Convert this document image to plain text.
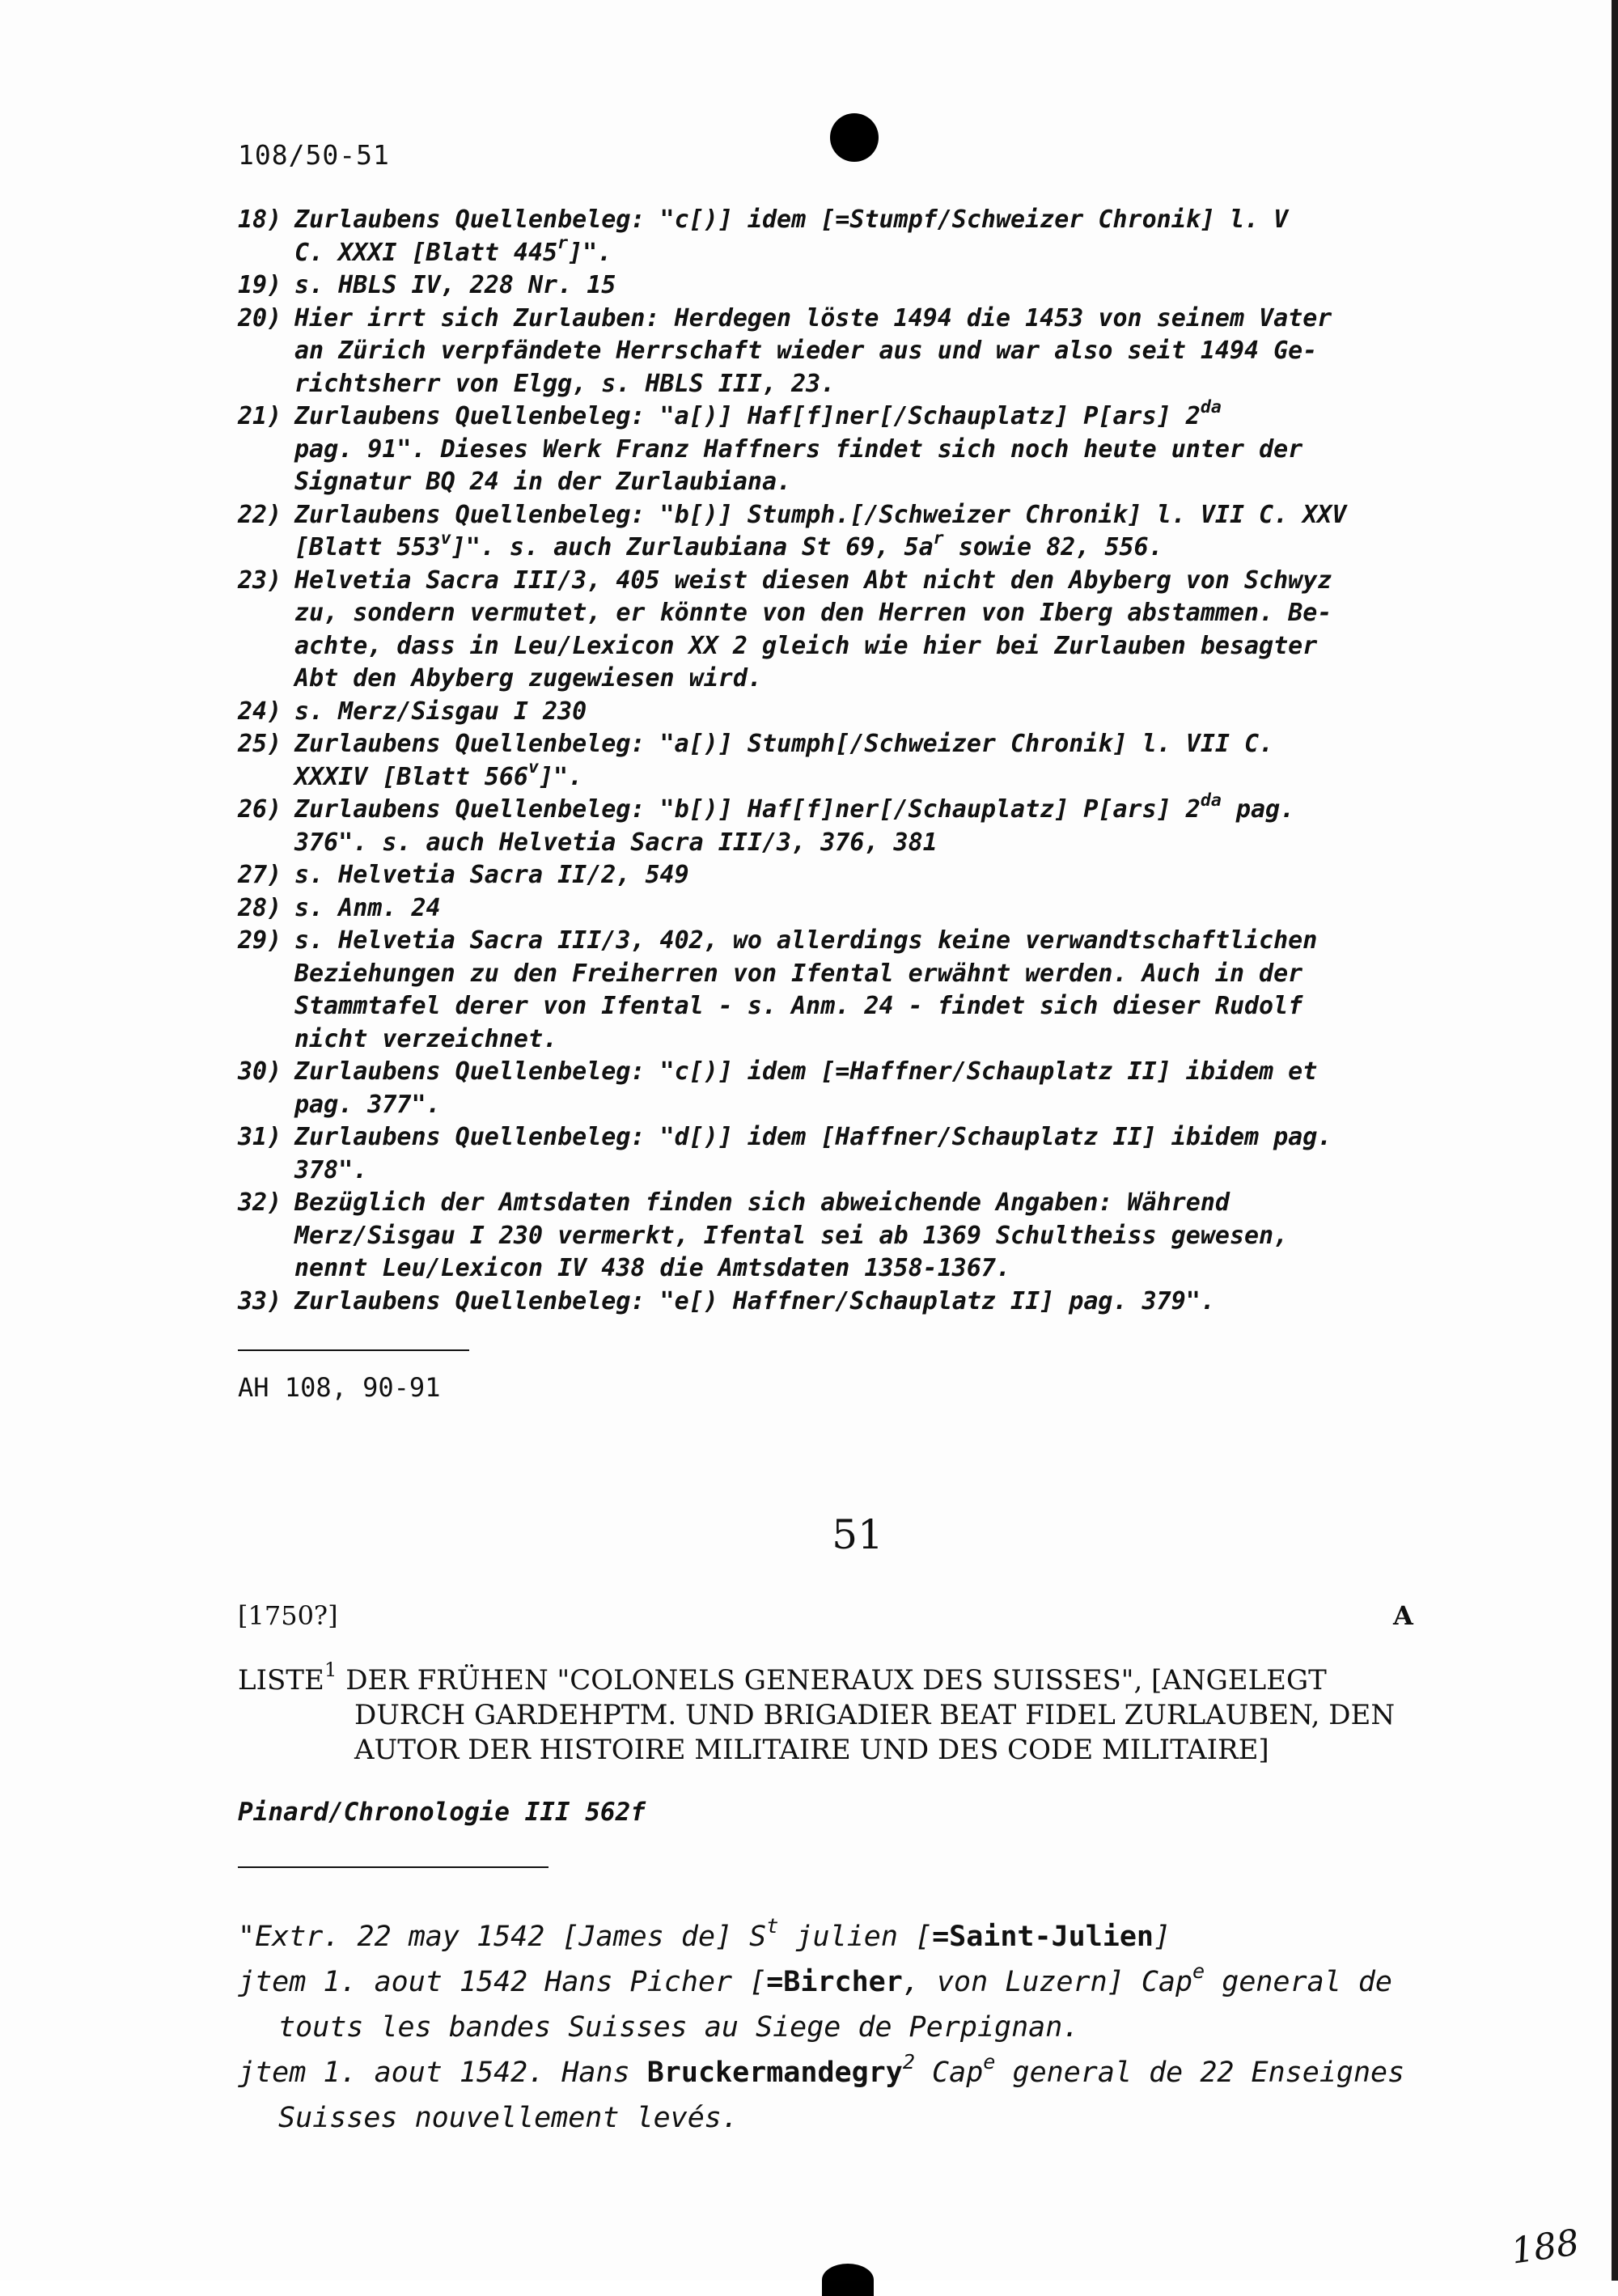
108/50-51
18) Zurlaubens Quellenbeleg: "c[)] idem [=Stumpf/Schweizer Chronik] l. V
C. XXXI [Blatt 445$^r$]".
19) s. HBLS IV, 228 Nr. 15
20) Hier irrt sich Zurlauben: Herdegen löste 1494 die 1453 von seinem Vater
an Zürich verpfändete Herrschaft wieder aus und war also seit 1494 Ge-
richtsherr von Elgg, s. HBLS III, 23.
21) Zurlaubens Quellenbeleg: "a[)] Haf[f]ner[/Schauplatz] P[ars] $2^{da}$
pag. 91". Dieses Werk Franz Haffners findet sich noch heute unter der
Signatur BQ 24 in der Zurlaubiana.
22) Zurlaubens Quellenbeleg: "b[)] Stumph.[/Schweizer Chronik] l. VII C. XXV
[Blatt 553$^v$]". s. auch Zurlaubiana St 69, $5a^r$ sowie 82, 556.
23) Helvetia Sacra III/3, 405 weist diesen Abt nicht den Abyberg von Schwyz
zu, sondern vermutet, er könnte von den Herren von Iberg abstammen. Be-
achte, dass in Leu/Lexicon XX 2 gleich wie hier bei Zurlauben besagter
Abt den Abyberg zugewiesen wird.
24) s. Merz/Sisgau I 230
25) Zurlaubens Quellenbeleg: "a[)] Stumph[/Schweizer Chronik] l. VII C.
XXXIV [Blatt 566$^v$]".
26) Zurlaubens Quellenbeleg: "b[)] Haf[f]ner[/Schauplatz] P[ars] $2^{da}$ pag.
376". s. auch Helvetia Sacra III/3, 376, 381
27) s. Helvetia Sacra II/2, 549
28) s. Anm. 24
29) s. Helvetia Sacra III/3, 402, wo allerdings keine verwandtschaftlichen
Beziehungen zu den Freiherren von Ifental erwähnt werden. Auch in der
Stammtafel derer von Ifental - s. Anm. 24 - findet sich dieser Rudolf
nicht verzeichnet.
30) Zurlaubens Quellenbeleg: "c[)] idem [=Haffner/Schauplatz II] ibidem et
pag. 377".
31) Zurlaubens Quellenbeleg: "d[)] idem [Haffner/Schauplatz II] ibidem pag.
378".
32) Bezüglich der Amtsdaten finden sich abweichende Angaben: Während
Merz/Sisgau I 230 vermerkt, Ifental sei ab 1369 Schultheiss gewesen,
nennt Leu/Lexicon IV 438 die Amtsdaten 1358-1367.
33) Zurlaubens Quellenbeleg: "e[) Haffner/Schauplatz II] pag. 379".
AH 108, 90-91
51
[1750?]	A
LISTE$^1$ DER FRÜHEN "COLONELS GENERAUX DES SUISSES", [ANGELEGT
DURCH GARDEHPTM. UND BRIGADIER BEAT FIDEL ZURLAUBEN, DEN
AUTOR DER HISTOIRE MILITAIRE UND DES CODE MILITAIRE]
Pinard/Chronologie III 562f
"Extr. 22 may 1542 [James de] $S^t$ julien [=Saint-Julien]
jtem 1. aout 1542 Hans Picher [=Bircher, von Luzern] Cap$^e$ general de
touts les bandes Suisses au Siege de Perpignan.
jtem 1. aout 1542. Hans Bruckermandegry$^2$ Cap$^e$ general de 22 Enseignes
Suisses nouvellement levés.
188
